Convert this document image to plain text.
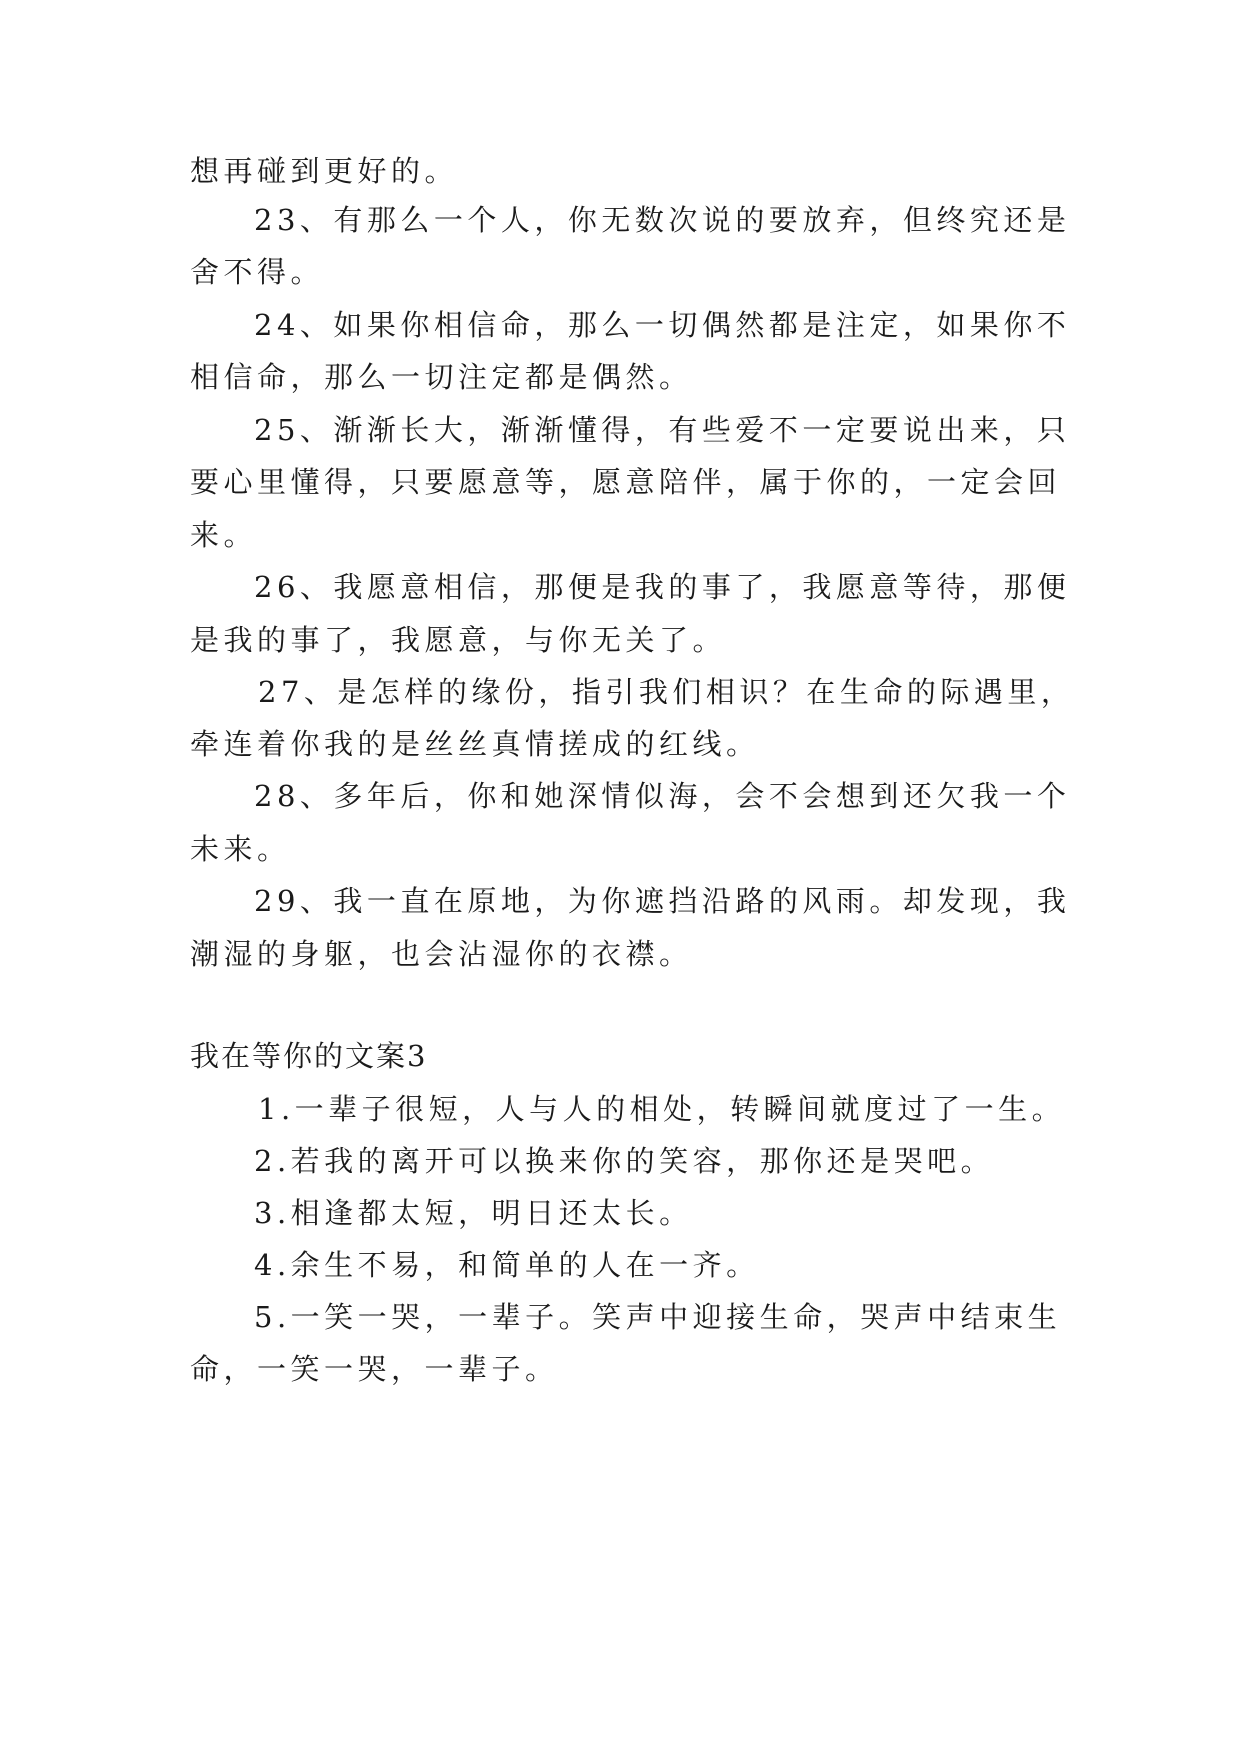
想再碰到更好的。
23、有那么一个人，你无数次说的要放弃，但终究还是
舍不得。
24、如果你相信命，那么一切偶然都是注定，如果你不
相信命，那么一切注定都是偶然。
25、渐渐长大，渐渐懂得，有些爱不一定要说出来，只
要心里懂得，只要愿意等，愿意陪伴，属于你的，一定会回
来。
26、我愿意相信，那便是我的事了，我愿意等待，那便
是我的事了，我愿意，与你无关了。
27、是怎样的缘份，指引我们相识？在生命的际遇里，
牵连着你我的是丝丝真情搓成的红线。
28、多年后，你和她深情似海，会不会想到还欠我一个
未来。
29、我一直在原地，为你遮挡沿路的风雨。却发现，我
潮湿的身躯，也会沾湿你的衣襟。
我在等你的文案3
1.一辈子很短，人与人的相处，转瞬间就度过了一生。
2.若我的离开可以换来你的笑容，那你还是哭吧。
3.相逢都太短，明日还太长。
4.余生不易，和简单的人在一齐。
5.一笑一哭，一辈子。笑声中迎接生命，哭声中结束生
命，一笑一哭，一辈子。
